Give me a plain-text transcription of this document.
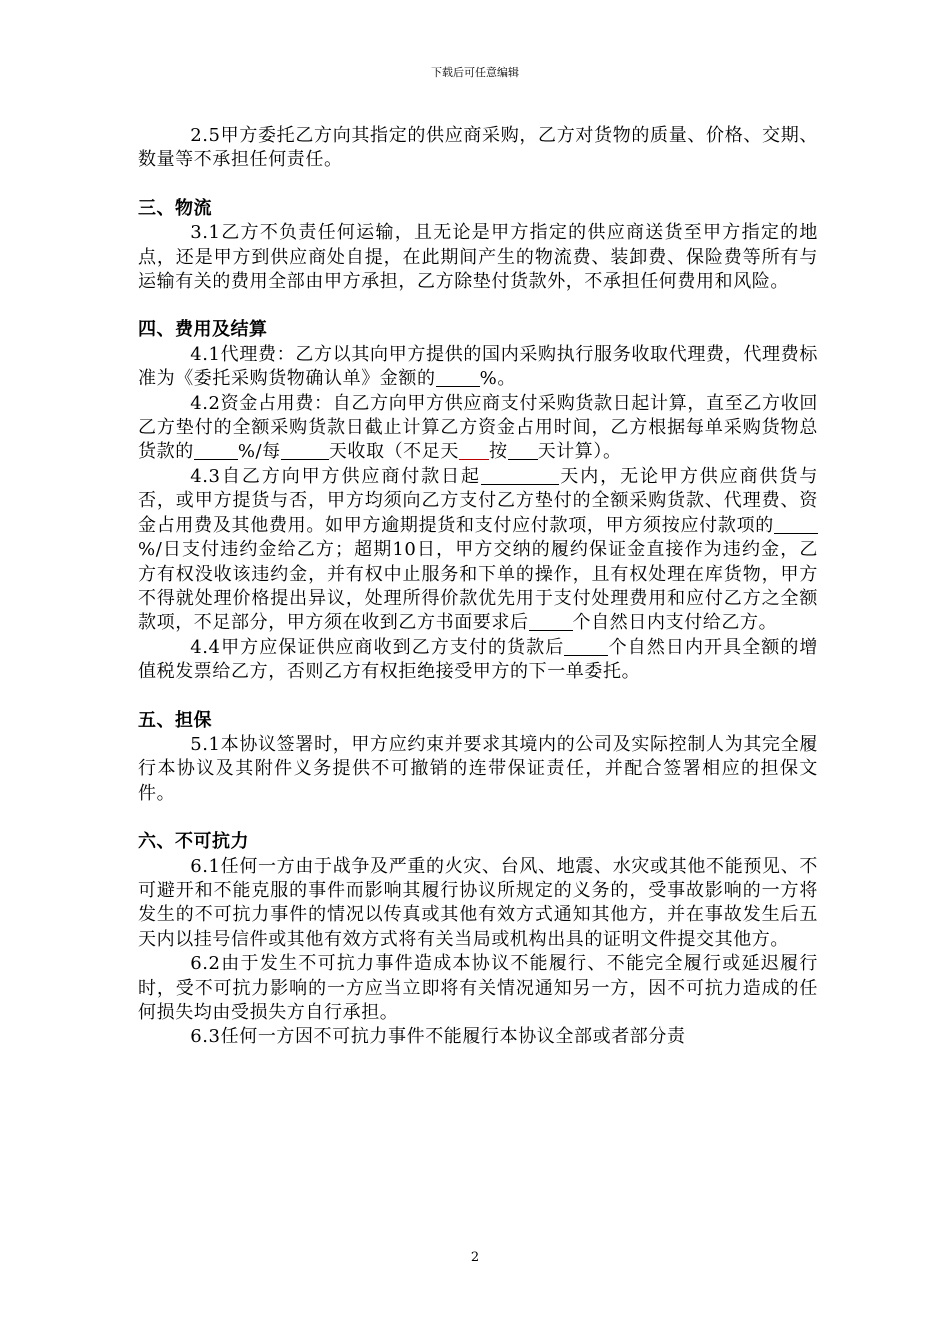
下载后可任意编辑
2.5甲方委托乙方向其指定的供应商采购，乙方对货物的质量、价格、交期、数量等不承担任何责任。
三、物流
3.1乙方不负责任何运输，且无论是甲方指定的供应商送货至甲方指定的地点，还是甲方到供应商处自提，在此期间产生的物流费、装卸费、保险费等所有与运输有关的费用全部由甲方承担，乙方除垫付货款外，不承担任何费用和风险。
四、费用及结算
4.1代理费：乙方以其向甲方提供的国内采购执行服务收取代理费，代理费标准为《委托采购货物确认单》金额的 %。
4.2资金占用费：自乙方向甲方供应商支付采购货款日起计算，直至乙方收回乙方垫付的全额采购货款日截止计算乙方资金占用时间，乙方根据每单采购货物总货款的 %/每	天收取（不足天 按 天计算）。
4.3自乙方向甲方供应商付款日起	天内，无论甲方供应商供货与否，或甲方提货与否，甲方均须向乙方支付乙方垫付的全额采购货款、代理费、资金占用费及其他费用。如甲方逾期提货和支付应付款项，甲方须按应付款项的%/日支付违约金给乙方；超期10日，甲方交纳的履约保证金直接作为违约金，乙方有权没收该违约金，并有权中止服务和下单的操作，且有权处理在库货物，甲方不得就处理价格提出异议，处理所得价款优先用于支付处理费用和应付乙方之全额款项，不足部分，甲方须在收到乙方书面要求后 个自然日内支付给乙方。
4.4甲方应保证供应商收到乙方支付的货款后 个自然日内开具全额的增值税发票给乙方，否则乙方有权拒绝接受甲方的下一单委托。
五、担保
5.1本协议签署时，甲方应约束并要求其境内的公司及实际控制人为其完全履行本协议及其附件义务提供不可撤销的连带保证责任，并配合签署相应的担保文件。
六、不可抗力
6.1任何一方由于战争及严重的火灾、台风、地震、水灾或其他不能预见、不可避开和不能克服的事件而影响其履行协议所规定的义务的，受事故影响的一方将发生的不可抗力事件的情况以传真或其他有效方式通知其他方，并在事故发生后五天内以挂号信件或其他有效方式将有关当局或机构出具的证明文件提交其他方。
6.2由于发生不可抗力事件造成本协议不能履行、不能完全履行或延迟履行时，受不可抗力影响的一方应当立即将有关情况通知另一方，因不可抗力造成的任何损失均由受损失方自行承担。
6.3任何一方因不可抗力事件不能履行本协议全部或者部分责
2
